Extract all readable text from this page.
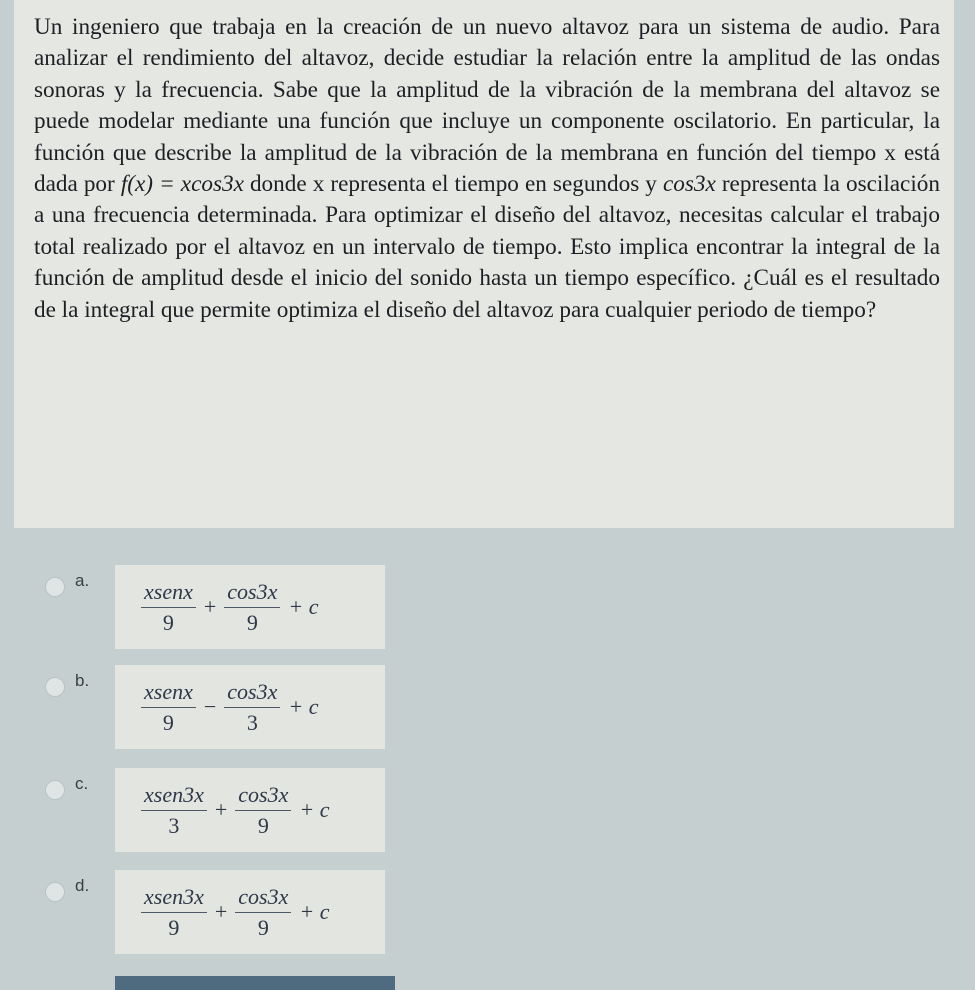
Un ingeniero que trabaja en la creación de un nuevo altavoz para un sistema de audio. Para analizar el rendimiento del altavoz, decide estudiar la relación entre la amplitud de las ondas sonoras y la frecuencia. Sabe que la amplitud de la vibración de la membrana del altavoz se puede modelar mediante una función que incluye un componente oscilatorio. En particular, la función que describe la amplitud de la vibración de la membrana en función del tiempo x está dada por f(x) = xcos3x donde x representa el tiempo en segundos y cos3x representa la oscilación a una frecuencia determinada. Para optimizar el diseño del altavoz, necesitas calcular el trabajo total realizado por el altavoz en un intervalo de tiempo. Esto implica encontrar la integral de la función de amplitud desde el inicio del sonido hasta un tiempo específico. ¿Cuál es el resultado de la integral que permite optimiza el diseño del altavoz para cualquier periodo de tiempo?

a. $\frac{\text{xsenx}}{9} + \frac{\cos 3x}{9} + c$
b. $\frac{\text{xsenx}}{9} - \frac{\cos 3x}{3} + c$
c. $\frac{\text{xsen3x}}{3} + \frac{\cos 3x}{9} + c$
d. $\frac{\text{xsen3x}}{9} + \frac{\cos 3x}{9} + c$
